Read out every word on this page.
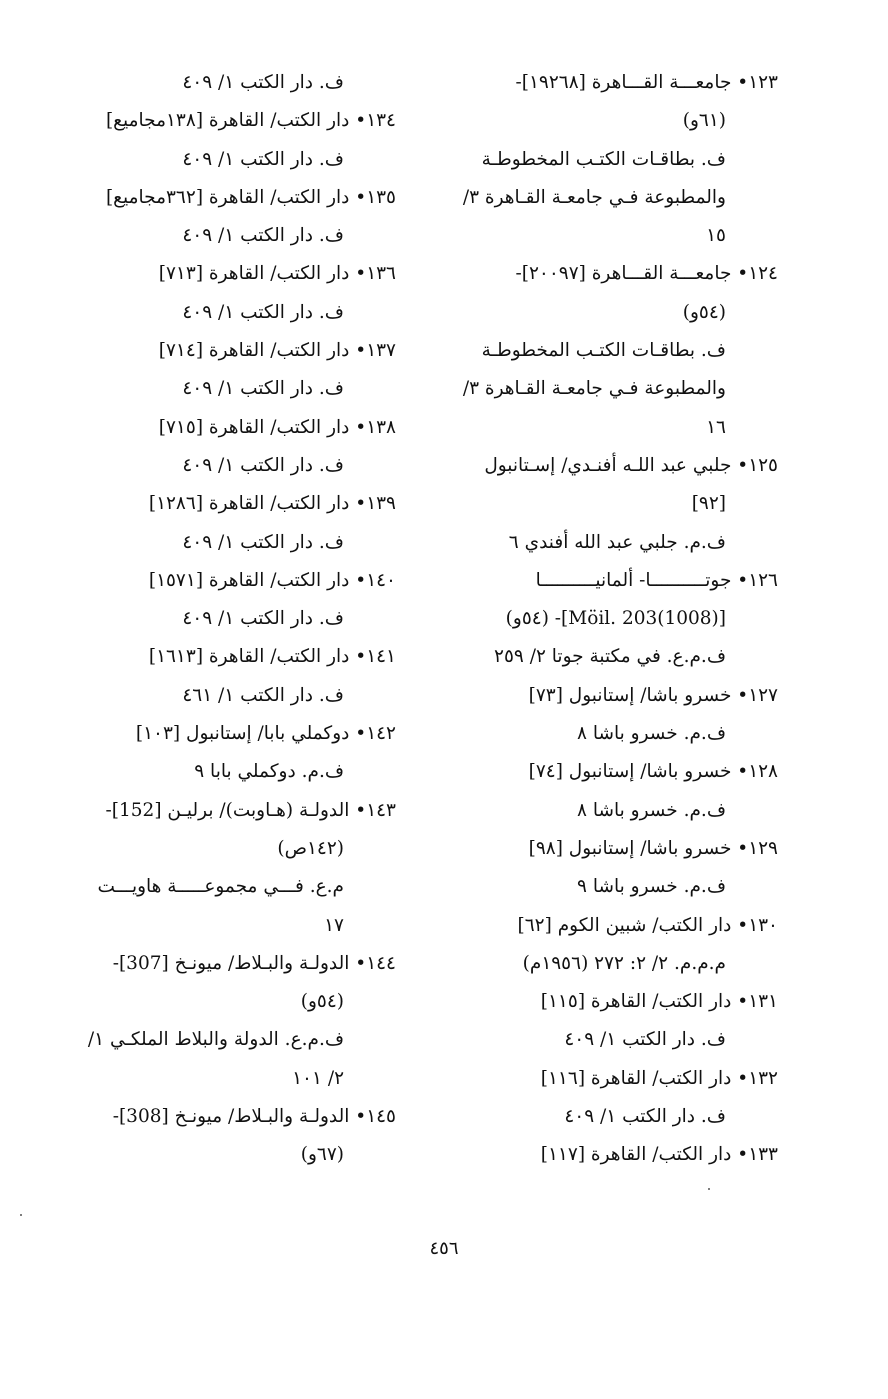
١٢٣• جامعـــة القـــاهرة [١٩٢٦٨]-
(٦١و)
ف. بطاقـات الكتـب المخطوطـة
والمطبوعة فـي جامعـة القـاهرة ٣/
١٥
١٢٤• جامعـــة القـــاهرة [٢٠٠٩٧]-
(٥٤و)
ف. بطاقـات الكتـب المخطوطـة
والمطبوعة فـي جامعـة القـاهرة ٣/
١٦
١٢٥• جلبي عبد اللـه أفنـدي/ إسـتانبول
[٩٢]
ف.م. جلبي عبد الله أفندي ٦
١٢٦• جوتــــــــــا- ألمانيــــــــــا
[Möil. 203(1008)]- (٥٤و)
ف.م.ع. في مكتبة جوتا ٢/ ٢٥٩
١٢٧• خسرو باشا/ إستانبول [٧٣]
ف.م. خسرو باشا ٨
١٢٨• خسرو باشا/ إستانبول [٧٤]
ف.م. خسرو باشا ٨
١٢٩• خسرو باشا/ إستانبول [٩٨]
ف.م. خسرو باشا ٩
١٣٠• دار الكتب/ شبين الكوم [٦٢]
م.م.م. ٢/ ٢: ٢٧٢ (١٩٥٦م)
١٣١• دار الكتب/ القاهرة [١١٥]
ف. دار الكتب ١/ ٤٠٩
١٣٢• دار الكتب/ القاهرة [١١٦]
ف. دار الكتب ١/ ٤٠٩
١٣٣• دار الكتب/ القاهرة [١١٧]
ف. دار الكتب ١/ ٤٠٩
١٣٤• دار الكتب/ القاهرة [١٣٨مجاميع]
ف. دار الكتب ١/ ٤٠٩
١٣٥• دار الكتب/ القاهرة [٣٦٢مجاميع]
ف. دار الكتب ١/ ٤٠٩
١٣٦• دار الكتب/ القاهرة [٧١٣]
ف. دار الكتب ١/ ٤٠٩
١٣٧• دار الكتب/ القاهرة [٧١٤]
ف. دار الكتب ١/ ٤٠٩
١٣٨• دار الكتب/ القاهرة [٧١٥]
ف. دار الكتب ١/ ٤٠٩
١٣٩• دار الكتب/ القاهرة [١٢٨٦]
ف. دار الكتب ١/ ٤٠٩
١٤٠• دار الكتب/ القاهرة [١٥٧١]
ف. دار الكتب ١/ ٤٠٩
١٤١• دار الكتب/ القاهرة [١٦١٣]
ف. دار الكتب ١/ ٤٦١
١٤٢• دوكملي بابا/ إستانبول [١٠٣]
ف.م. دوكملي بابا ٩
١٤٣• الدولـة (هـاوبت)/ برليـن [152]-
(١٤٢ص)
م.ع. فـــي مجموعـــــة هاويـــت
١٧
١٤٤• الدولـة والبـلاط/ ميونـخ [307]-
(٥٤و)
ف.م.ع. الدولة والبلاط الملكـي ١/
٢/ ١٠١
١٤٥• الدولـة والبـلاط/ ميونـخ [308]-
(٦٧و)
٤٥٦
